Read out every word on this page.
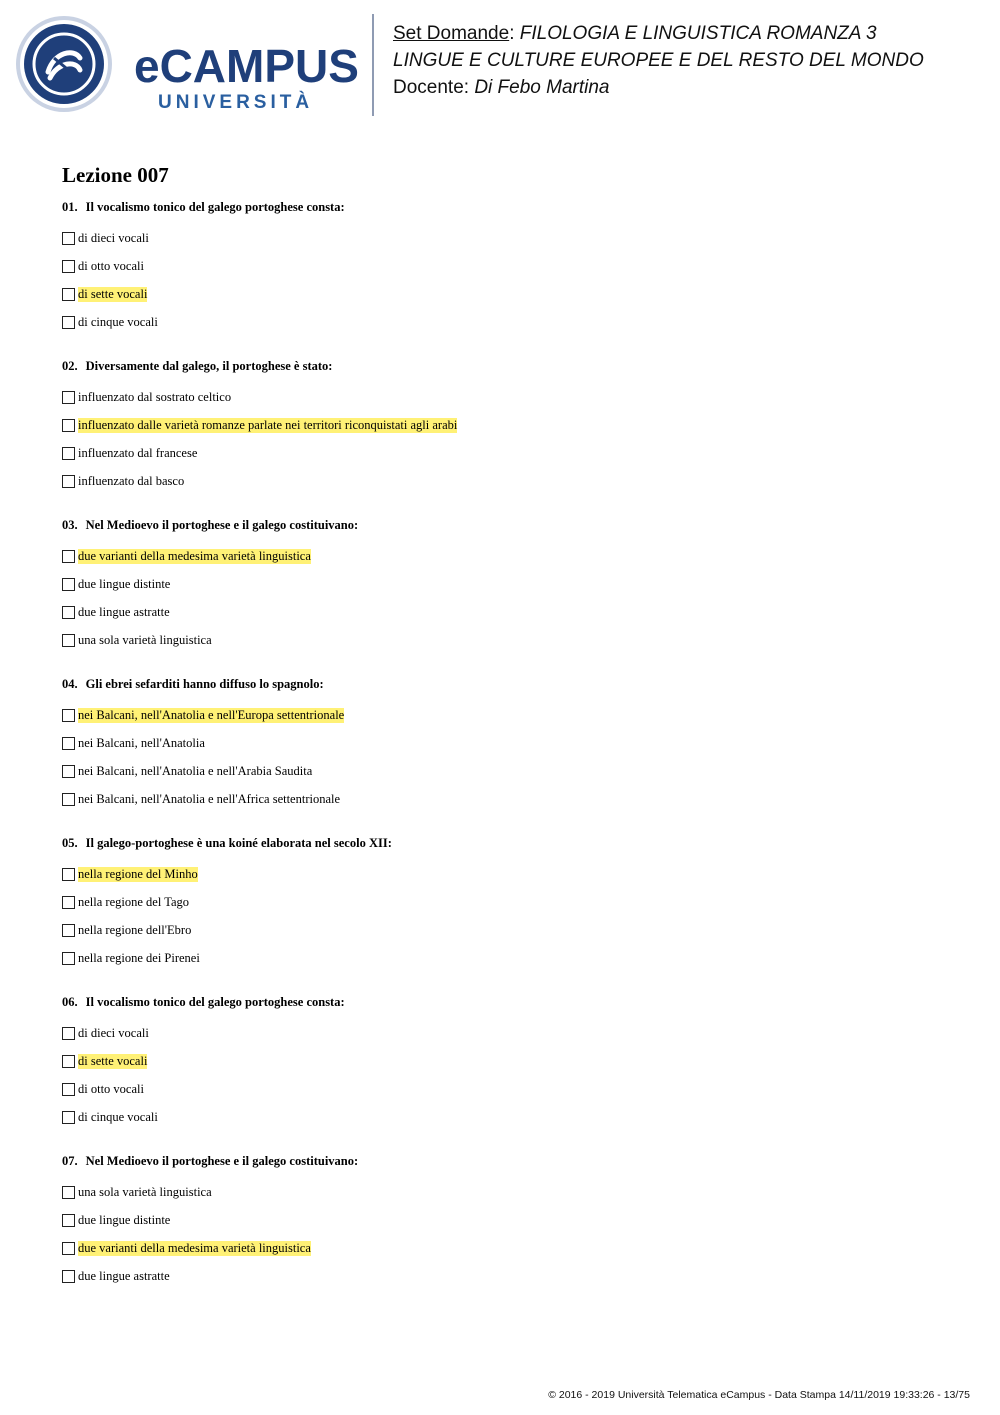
eCAMPUS
UNIVERSITÀ
Set Domande: FILOLOGIA E LINGUISTICA ROMANZA 3
LINGUE E CULTURE EUROPEE E DEL RESTO DEL MONDO
Docente: Di Febo Martina
Lezione 007
01. Il vocalismo tonico del galego portoghese consta:
di dieci vocali
di otto vocali
di sette vocali
di cinque vocali
02. Diversamente dal galego, il portoghese è stato:
influenzato dal sostrato celtico
influenzato dalle varietà romanze parlate nei territori riconquistati agli arabi
influenzato dal francese
influenzato dal basco
03. Nel Medioevo il portoghese e il galego costituivano:
due varianti della medesima varietà linguistica
due lingue distinte
due lingue astratte
una sola varietà linguistica
04. Gli ebrei sefarditi hanno diffuso lo spagnolo:
nei Balcani, nell'Anatolia e nell'Europa settentrionale
nei Balcani, nell'Anatolia
nei Balcani, nell'Anatolia e nell'Arabia Saudita
nei Balcani, nell'Anatolia e nell'Africa settentrionale
05. Il galego-portoghese è una koiné elaborata nel secolo XII:
nella regione del Minho
nella regione del Tago
nella regione dell'Ebro
nella regione dei Pirenei
06. Il vocalismo tonico del galego portoghese consta:
di dieci vocali
di sette vocali
di otto vocali
di cinque vocali
07. Nel Medioevo il portoghese e il galego costituivano:
una sola varietà linguistica
due lingue distinte
due varianti della medesima varietà linguistica
due lingue astratte
© 2016 - 2019 Università Telematica eCampus - Data Stampa 14/11/2019 19:33:26 - 13/75
